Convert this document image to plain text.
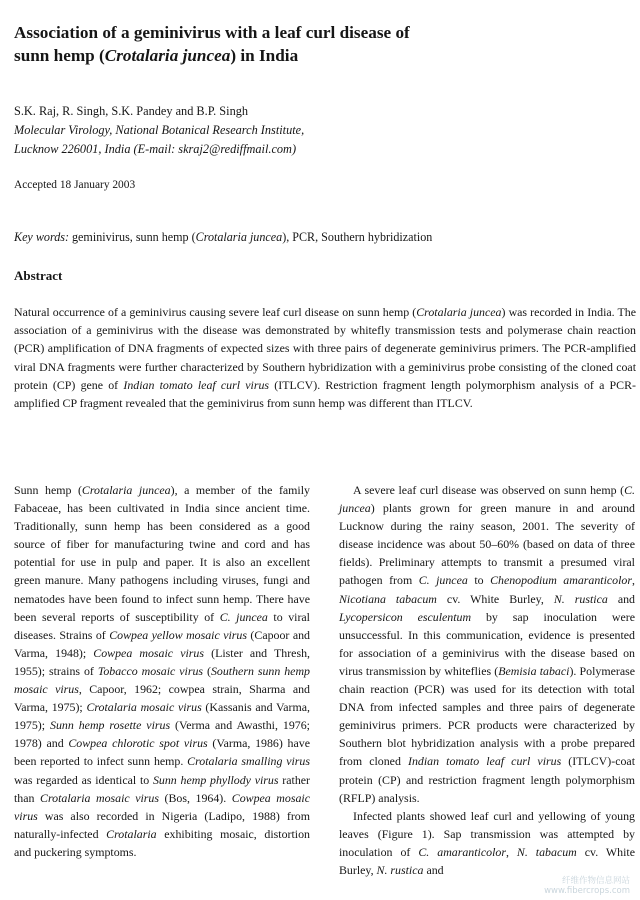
Association of a geminivirus with a leaf curl disease of
sunn hemp (Crotalaria juncea) in India
S.K. Raj, R. Singh, S.K. Pandey and B.P. Singh
Molecular Virology, National Botanical Research Institute,
Lucknow 226001, India (E-mail: skraj2@rediffmail.com)
Accepted 18 January 2003
Key words: geminivirus, sunn hemp (Crotalaria juncea), PCR, Southern hybridization
Abstract

Natural occurrence of a geminivirus causing severe leaf curl disease on sunn hemp (Crotalaria juncea) was recorded in India. The association of a geminivirus with the disease was demonstrated by whitefly transmission tests and polymerase chain reaction (PCR) amplification of DNA fragments of expected sizes with three pairs of degenerate geminivirus primers. The PCR-amplified viral DNA fragments were further characterized by Southern hybridization with a geminivirus probe consisting of the cloned coat protein (CP) gene of Indian tomato leaf curl virus (ITLCV). Restriction fragment length polymorphism analysis of a PCR-amplified CP fragment revealed that the geminivirus from sunn hemp was different than ITLCV.

Sunn hemp (Crotalaria juncea), a member of the family Fabaceae, has been cultivated in India since ancient time. Traditionally, sunn hemp has been considered as a good source of fiber for manufacturing twine and cord and has potential for use in pulp and paper. It is also an excellent green manure. Many pathogens including viruses, fungi and nematodes have been found to infect sunn hemp. There have been several reports of susceptibility of C. juncea to viral diseases. Strains of Cowpea yellow mosaic virus (Capoor and Varma, 1948); Cowpea mosaic virus (Lister and Thresh, 1955); strains of Tobacco mosaic virus (Southern sunn hemp mosaic virus, Capoor, 1962; cowpea strain, Sharma and Varma, 1975); Crotalaria mosaic virus (Kassanis and Varma, 1975); Sunn hemp rosette virus (Verma and Awasthi, 1976; 1978) and Cowpea chlorotic spot virus (Varma, 1986) have been reported to infect sunn hemp. Crotalaria smalling virus was regarded as identical to Sunn hemp phyllody virus rather than Crotalaria mosaic virus (Bos, 1964). Cowpea mosaic virus was also recorded in Nigeria (Ladipo, 1988) from naturally-infected Crotalaria exhibiting mosaic, distortion and puckering symptoms.

A severe leaf curl disease was observed on sunn hemp (C. juncea) plants grown for green manure in and around Lucknow during the rainy season, 2001. The severity of disease incidence was about 50–60% (based on data of three fields). Preliminary attempts to transmit a presumed viral pathogen from C. juncea to Chenopodium amaranticolor, Nicotiana tabacum cv. White Burley, N. rustica and Lycopersicon esculentum by sap inoculation were unsuccessful. In this communication, evidence is presented for association of a geminivirus with the disease based on virus transmission by whiteflies (Bemisia tabaci). Polymerase chain reaction (PCR) was used for its detection with total DNA from infected samples and three pairs of degenerate geminivirus primers. PCR products were characterized by Southern blot hybridization analysis with a probe prepared from cloned Indian tomato leaf curl virus (ITLCV)-coat protein (CP) and restriction fragment length polymorphism (RFLP) analysis.

Infected plants showed leaf curl and yellowing of young leaves (Figure 1). Sap transmission was attempted by inoculation of C. amaranticolor, N. tabacum cv. White Burley, N. rustica and

纤维作物信息网站
www.fibercrops.com
